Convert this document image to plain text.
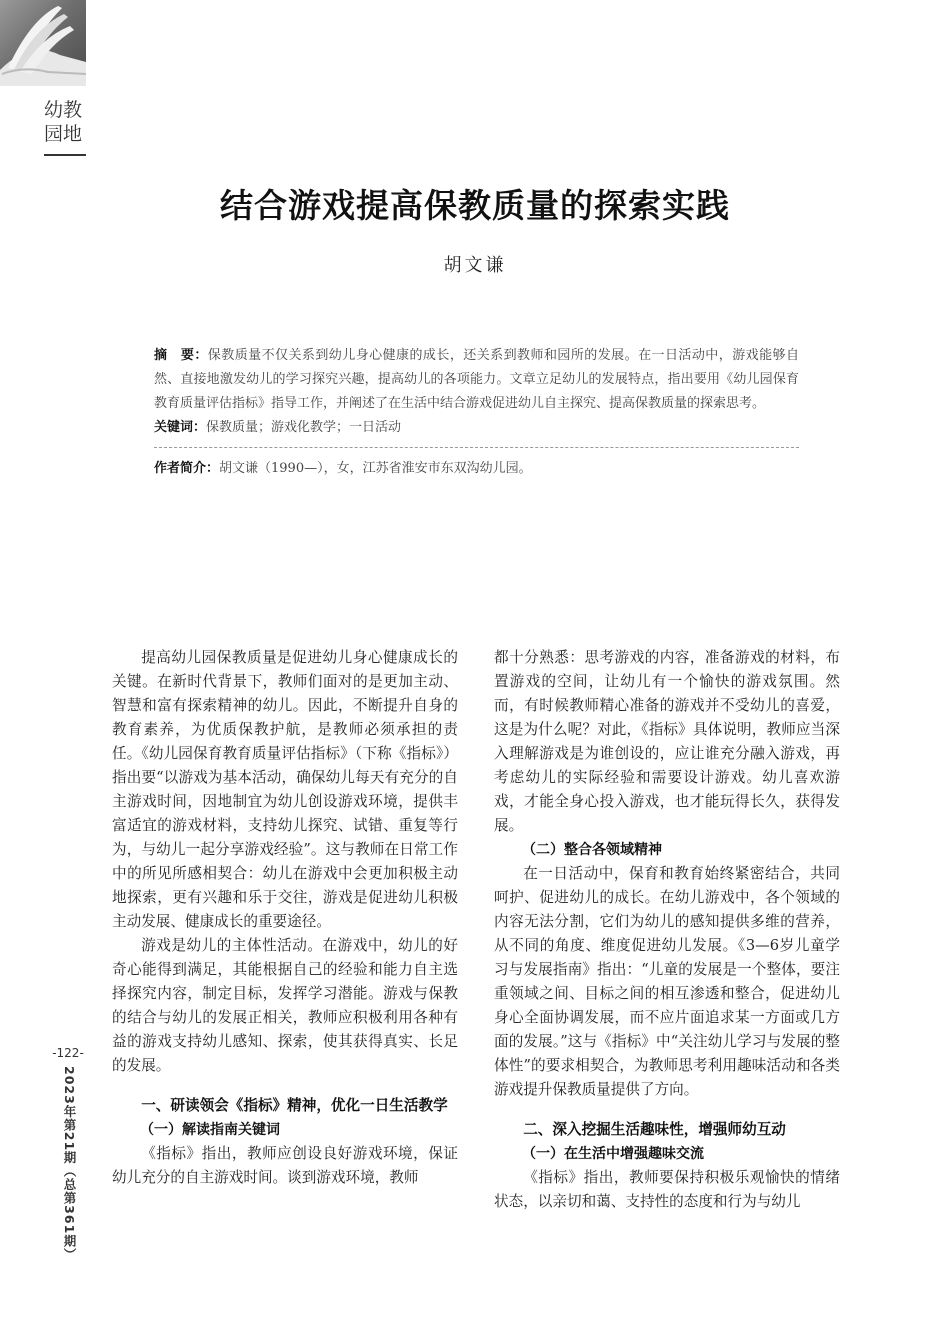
幼教
园地
结合游戏提高保教质量的探索实践
胡文谦

摘　要：保教质量不仅关系到幼儿身心健康的成长，还关系到教师和园所的发展。在一日活动中，游戏能够自然、直接地激发幼儿的学习探究兴趣，提高幼儿的各项能力。文章立足幼儿的发展特点，指出要用《幼儿园保育教育质量评估指标》指导工作，并阐述了在生活中结合游戏促进幼儿自主探究、提高保教质量的探索思考。

关键词：保教质量；游戏化教学；一日活动

作者简介：胡文谦（1990—），女，江苏省淮安市东双沟幼儿园。

提高幼儿园保教质量是促进幼儿身心健康成长的关键。在新时代背景下，教师们面对的是更加主动、智慧和富有探索精神的幼儿。因此，不断提升自身的教育素养，为优质保教护航，是教师必须承担的责任。《幼儿园保育教育质量评估指标》（下称《指标》）指出要“以游戏为基本活动，确保幼儿每天有充分的自主游戏时间，因地制宜为幼儿创设游戏环境，提供丰富适宜的游戏材料，支持幼儿探究、试错、重复等行为，与幼儿一起分享游戏经验”。这与教师在日常工作中的所见所感相契合：幼儿在游戏中会更加积极主动地探索，更有兴趣和乐于交往，游戏是促进幼儿积极主动发展、健康成长的重要途径。

游戏是幼儿的主体性活动。在游戏中，幼儿的好奇心能得到满足，其能根据自己的经验和能力自主选择探究内容，制定目标，发挥学习潜能。游戏与保教的结合与幼儿的发展正相关，教师应积极利用各种有益的游戏支持幼儿感知、探索，使其获得真实、长足的发展。

一、研读领会《指标》精神，优化一日生活教学

（一）解读指南关键词

《指标》指出，教师应创设良好游戏环境，保证幼儿充分的自主游戏时间。谈到游戏环境，教师

都十分熟悉：思考游戏的内容，准备游戏的材料，布置游戏的空间，让幼儿有一个愉快的游戏氛围。然而，有时候教师精心准备的游戏并不受幼儿的喜爱，这是为什么呢？对此，《指标》具体说明，教师应当深入理解游戏是为谁创设的，应让谁充分融入游戏，再考虑幼儿的实际经验和需要设计游戏。幼儿喜欢游戏，才能全身心投入游戏，也才能玩得长久，获得发展。

（二）整合各领域精神

在一日活动中，保育和教育始终紧密结合，共同呵护、促进幼儿的成长。在幼儿游戏中，各个领域的内容无法分割，它们为幼儿的感知提供多维的营养，从不同的角度、维度促进幼儿发展。《3—6岁儿童学习与发展指南》指出：“儿童的发展是一个整体，要注重领域之间、目标之间的相互渗透和整合，促进幼儿身心全面协调发展，而不应片面追求某一方面或几方面的发展。”这与《指标》中“关注幼儿学习与发展的整体性”的要求相契合，为教师思考利用趣味活动和各类游戏提升保教质量提供了方向。

二、深入挖掘生活趣味性，增强师幼互动

（一）在生活中增强趣味交流

《指标》指出，教师要保持积极乐观愉快的情绪状态，以亲切和蔼、支持性的态度和行为与幼儿

-122-
2023年第21期（总第361期）
